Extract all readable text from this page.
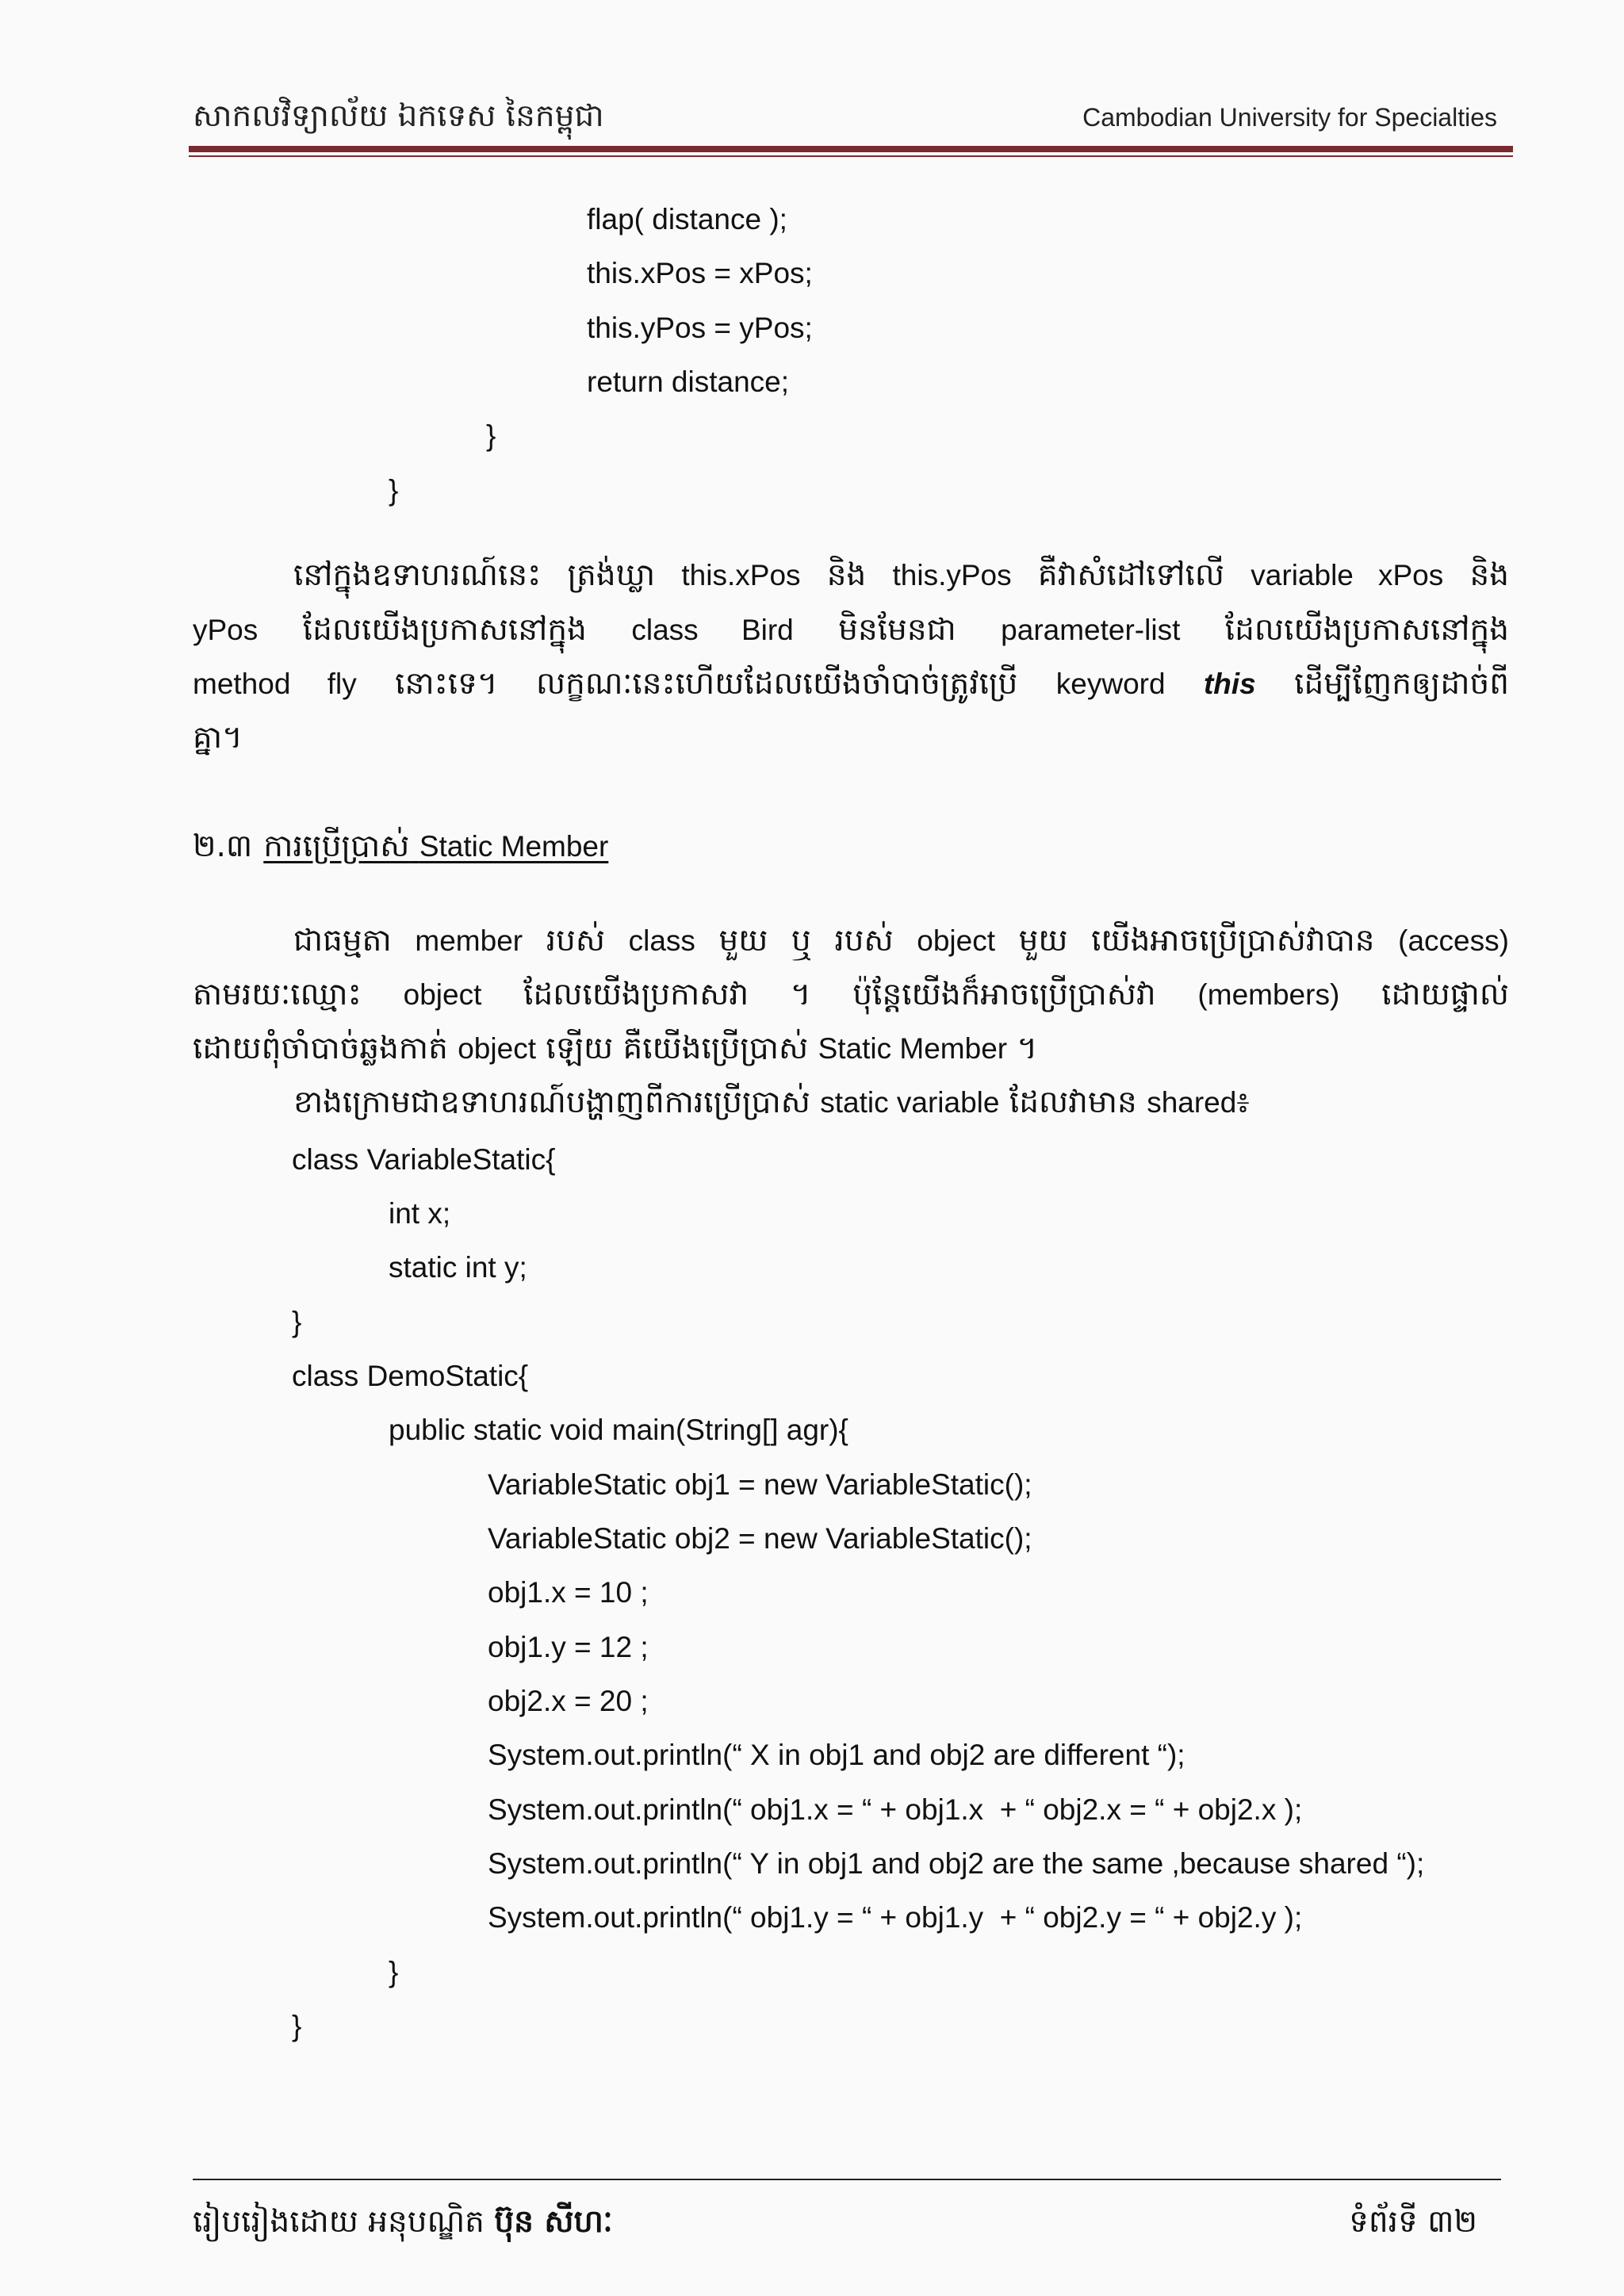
សាកលវិទ្យាល័យ ឯកទេស នៃកម្ពុជា	Cambodian University for Specialties
flap( distance );
this.xPos = xPos;
this.yPos = yPos;
return distance;
}
}
នៅក្នុងឧទាហរណ៍នេះ ត្រង់ឃ្លា this.xPos និង this.yPos គឺវាសំដៅទៅលើ variable xPos និង
yPos ដែលយើងប្រកាសនៅក្នុង class Bird មិនមែនជា parameter-list ដែលយើងប្រកាសនៅក្នុង
method fly នោះទេ។ លក្ខណៈនេះហើយដែលយើងចាំបាច់ត្រូវប្រើ keyword this ដើម្បីញែកឲ្យដាច់ពី
គ្នា។
២.៣ ការប្រើប្រាស់ Static Member
ជាធម្មតា member របស់ class មួយ ឬ របស់ object មួយ យើងអាចប្រើប្រាស់វាបាន (access)
តាមរយៈឈ្មោះ object ដែលយើងប្រកាសវា ។ ប៉ុន្តែយើងក៏អាចប្រើប្រាស់វា (members) ដោយផ្ទាល់
ដោយពុំចាំបាច់ឆ្លងកាត់ object ឡើយ គឺយើងប្រើប្រាស់ Static Member ។
ខាងក្រោមជាឧទាហរណ៍បង្ហាញពីការប្រើប្រាស់ static variable ដែលវាមាន shared៖
class VariableStatic{
int x;
static int y;
}
class DemoStatic{
public static void main(String[] agr){
VariableStatic obj1 = new VariableStatic();
VariableStatic obj2 = new VariableStatic();
obj1.x = 10 ;
obj1.y = 12 ;
obj2.x = 20 ;
System.out.println(“ X in obj1 and obj2 are different “);
System.out.println(“ obj1.x = “ + obj1.x  + “ obj2.x = “ + obj2.x );
System.out.println(“ Y in obj1 and obj2 are the same ,because shared “);
System.out.println(“ obj1.y = “ + obj1.y  + “ obj2.y = “ + obj2.y );
}
}
រៀបរៀងដោយ អនុបណ្ឌិត ប៊ុន សីហៈ	ទំព័រទី ៣២
